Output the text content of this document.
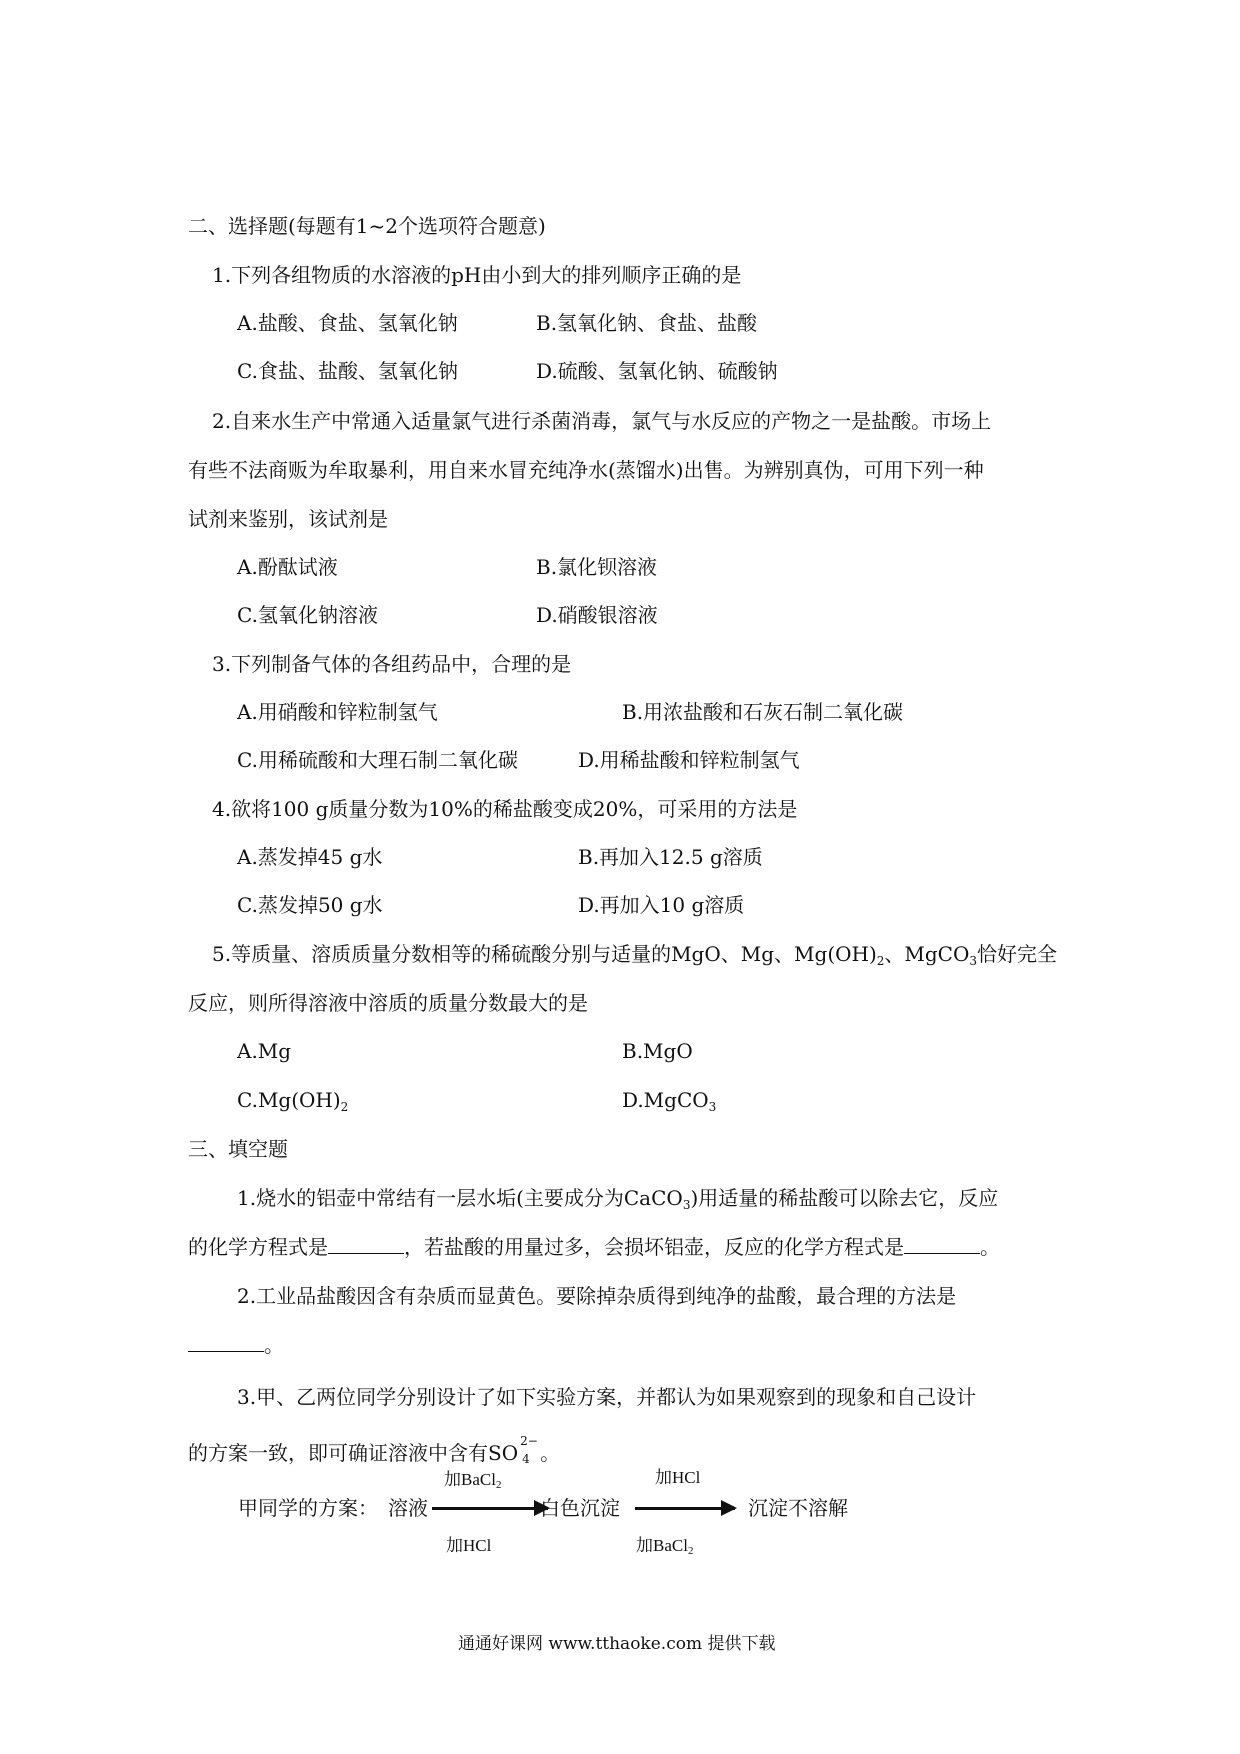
二、选择题(每题有1~2个选项符合题意)
1.下列各组物质的水溶液的pH由小到大的排列顺序正确的是
A.盐酸、食盐、氢氧化钠	B.氢氧化钠、食盐、盐酸
C.食盐、盐酸、氢氧化钠	D.硫酸、氢氧化钠、硫酸钠
2.自来水生产中常通入适量氯气进行杀菌消毒，氯气与水反应的产物之一是盐酸。市场上
有些不法商贩为牟取暴利，用自来水冒充纯净水(蒸馏水)出售。为辨别真伪，可用下列一种
试剂来鉴别，该试剂是
A.酚酞试液	B.氯化钡溶液
C.氢氧化钠溶液	D.硝酸银溶液
3.下列制备气体的各组药品中，合理的是
A.用硝酸和锌粒制氢气	B.用浓盐酸和石灰石制二氧化碳
C.用稀硫酸和大理石制二氧化碳	D.用稀盐酸和锌粒制氢气
4.欲将100 g质量分数为10%的稀盐酸变成20%，可采用的方法是
A.蒸发掉45 g水	B.再加入12.5 g溶质
C.蒸发掉50 g水	D.再加入10 g溶质
5.等质量、溶质质量分数相等的稀硫酸分别与适量的MgO、Mg、$Mg(OH)_2$、MgCO$_3$恰好完全
反应，则所得溶液中溶质的质量分数最大的是
A.Mg	B.MgO
$C.Mg(OH)_2$	D.MgCO$_3$
三、填空题
1.烧水的铝壶中常结有一层水垢(主要成分为CaCO$_3$)用适量的稀盐酸可以除去它，反应
的化学方程式是	，若盐酸的用量过多，会损坏铝壶，反应的化学方程式是	。
2.工业品盐酸因含有杂质而显黄色。要除掉杂质得到纯净的盐酸，最合理的方法是
。
3.甲、乙两位同学分别设计了如下实验方案，并都认为如果观察到的现象和自己设计
的方案一致，即可确证溶液中含有SO 2−
4 。
甲同学的方案： 溶液
加BaCl$_2$
加HCl
白色沉淀
加HCl
加BaCl$_2$
沉淀不溶解
通通好课网 www.tthaoke.com 提供下载
